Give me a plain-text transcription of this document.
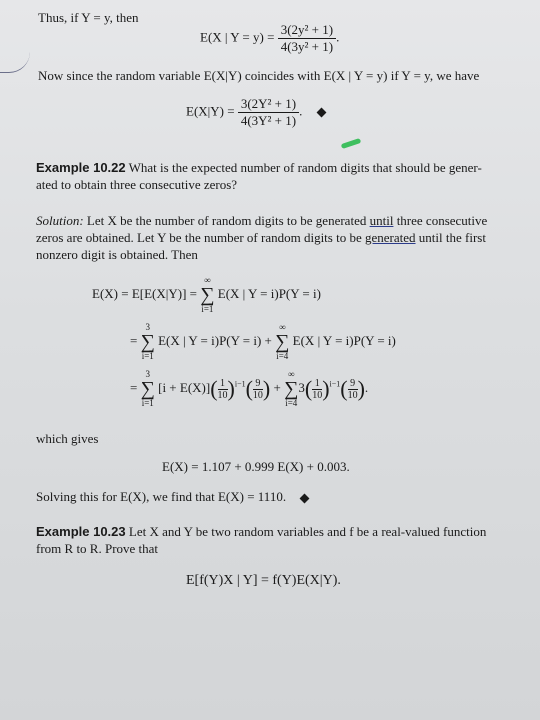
Thus, if Y = y, then
E(X | $Y = y) = \frac{\text{3(2y² + 1)}}{\text{4(3y² + 1)}}$ .
Now since the random variable E(X|Y) coincides with E(X | Y = y) if Y = y, we have
$E(X|Y) = \frac{\text{3(2Y² + 1)}}{\text{4(3Y² + 1)}}$ .
Example 10.22 What is the expected number of random digits that should be gener-
ated to obtain three consecutive zeros?
Solution: Let X be the number of random digits to be generated until three consecutive
zeros are obtained. Let Y be the number of random digits to be generated until the first
nonzero digit is obtained. Then
E(X) = E[E(X|Y)] = ∞
∑
i=1 E(X | Y = i)P(Y = i)
= 3
∑
i=1 E(X | Y = i)P(Y = i) + ∞
∑
i=4 E(X | Y = i)P(Y = i)
= 3
∑
i=1 $[i + E(X)](\frac{1}{10} )^{i-1}(\frac{9}{10}$ ) + ∞
∑
$i=43(\frac{1}{10} )^{i-1}(\frac{9}{10}$ ).
which gives
E(X) = 1.107 + 0.999 E(X) + 0.003.
Solving this for E(X), we find that E(X) = 1110.
Example 10.23 Let X and Y be two random variables and f be a real-valued function
from R to R. Prove that
E[f(Y)X | Y] = f(Y)E(X|Y).
